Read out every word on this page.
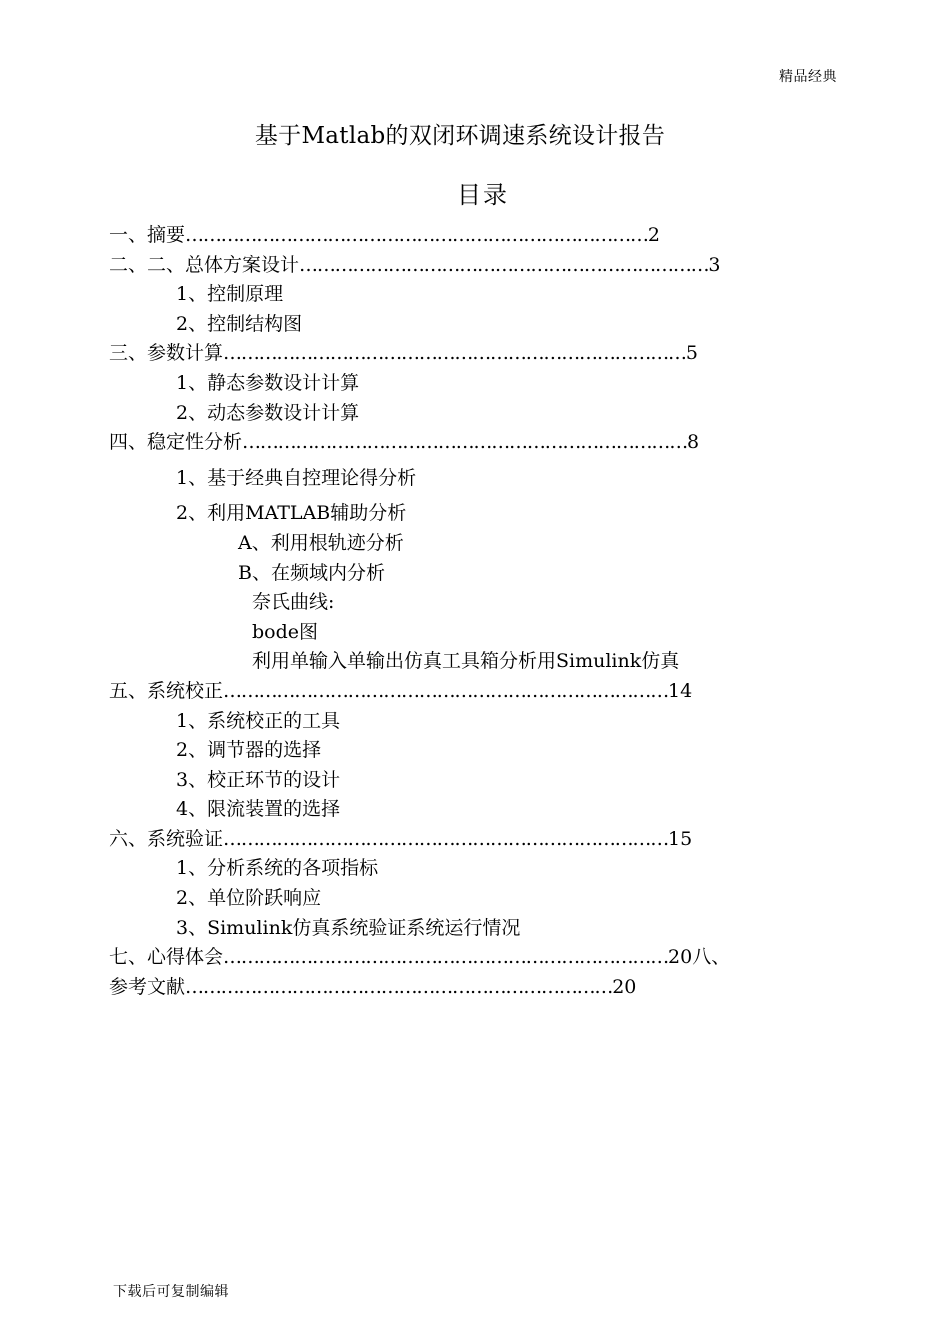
精品经典
基于Matlab的双闭环调速系统设计报告
目录
一、摘要……………………………………………………………………2
二、二、总体方案设计……………………………………………………………3
1、控制原理
2、控制结构图
三、参数计算……………………………………………………………………5
1、静态参数设计计算
2、动态参数设计计算
四、稳定性分析…………………………………………………………………8
1、基于经典自控理论得分析
2、利用MATLAB辅助分析
A、利用根轨迹分析
B、在频域内分析
奈氏曲线:
bode图
利用单输入单输出仿真工具箱分析用Simulink仿真
五、系统校正…………………………………………………………………14
1、系统校正的工具
2、调节器的选择
3、校正环节的设计
4、限流装置的选择
六、系统验证…………………………………………………………………15
1、分析系统的各项指标
2、单位阶跃响应
3、Simulink仿真系统验证系统运行情况
七、心得体会…………………………………………………………………20八、
参考文献………………………………………………………………20
下载后可复制编辑
